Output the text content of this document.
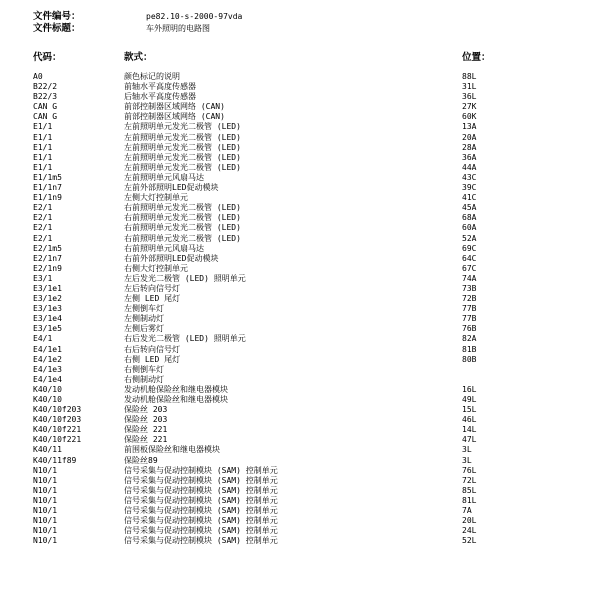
文件编号：	pe82.10-s-2000-97vda
文件标题：	车外照明的电路图
代码：	款式：	位置：
A0	颜色标记的说明	88L
B22/2	前轴水平高度传感器	31L
B22/3	后轴水平高度传感器	36L
CAN G	前部控制器区域网络 (CAN)	27K
CAN G	前部控制器区域网络 (CAN)	60K
E1/1	左前照明单元发光二极管 (LED)	13A
E1/1	左前照明单元发光二极管 (LED)	20A
E1/1	左前照明单元发光二极管 (LED)	28A
E1/1	左前照明单元发光二极管 (LED)	36A
E1/1	左前照明单元发光二极管 (LED)	44A
E1/1m5	左前照明单元风扇马达	43C
E1/1n7	左前外部照明LED促动模块	39C
E1/1n9	左侧大灯控制单元	41C
E2/1	右前照明单元发光二极管 (LED)	45A
E2/1	右前照明单元发光二极管 (LED)	68A
E2/1	右前照明单元发光二极管 (LED)	60A
E2/1	右前照明单元发光二极管 (LED)	52A
E2/1m5	右前照明单元风扇马达	69C
E2/1n7	右前外部照明LED促动模块	64C
E2/1n9	右侧大灯控制单元	67C
E3/1	左后发光二极管 (LED) 照明单元	74A
E3/1e1	左后转向信号灯	73B
E3/1e2	左侧 LED 尾灯	72B
E3/1e3	左侧倒车灯	77B
E3/1e4	左侧制动灯	77B
E3/1e5	左侧后雾灯	76B
E4/1	右后发光二极管 (LED) 照明单元	82A
E4/1e1	右后转向信号灯	81B
E4/1e2	右侧 LED 尾灯	80B
E4/1e3	右侧倒车灯
E4/1e4	右侧制动灯
K40/10	发动机舱保险丝和继电器模块	16L
K40/10	发动机舱保险丝和继电器模块	49L
K40/10f203	保险丝 203	15L
K40/10f203	保险丝 203	46L
K40/10f221	保险丝 221	14L
K40/10f221	保险丝 221	47L
K40/11	前围板保险丝和继电器模块	3L
K40/11f89	保险丝89	3L
N10/1	信号采集与促动控制模块 (SAM) 控制单元	76L
N10/1	信号采集与促动控制模块 (SAM) 控制单元	72L
N10/1	信号采集与促动控制模块 (SAM) 控制单元	85L
N10/1	信号采集与促动控制模块 (SAM) 控制单元	81L
N10/1	信号采集与促动控制模块 (SAM) 控制单元	7A
N10/1	信号采集与促动控制模块 (SAM) 控制单元	20L
N10/1	信号采集与促动控制模块 (SAM) 控制单元	24L
N10/1	信号采集与促动控制模块 (SAM) 控制单元	52L
